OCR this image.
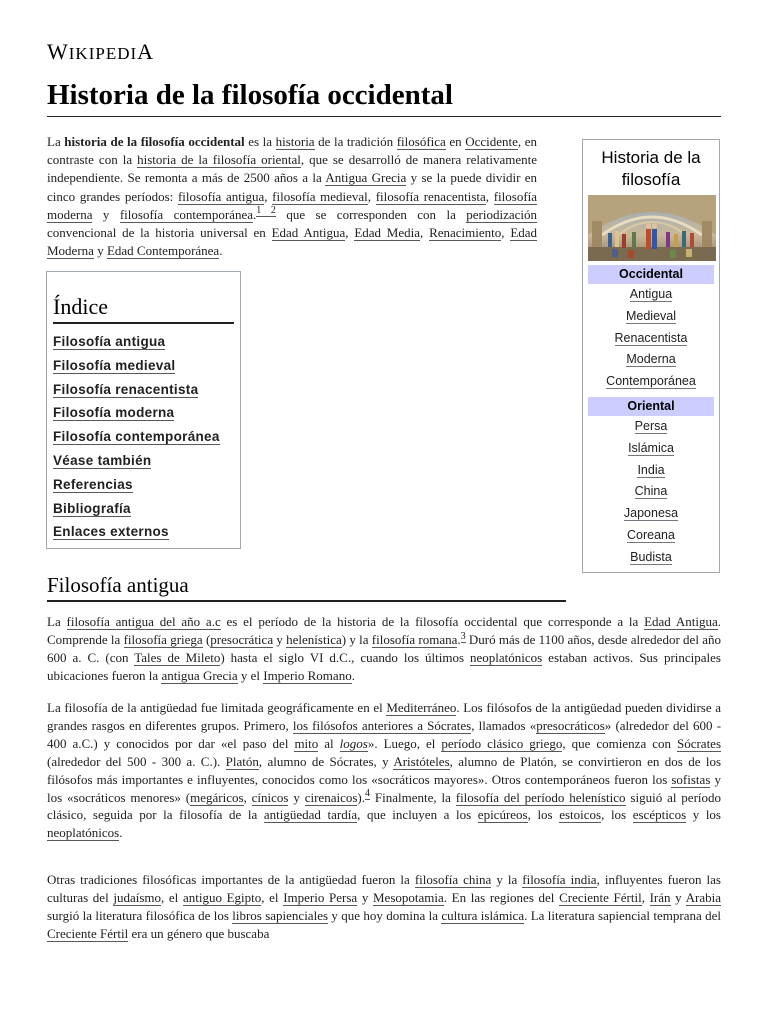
WIKIPEDIA
Historia de la filosofía occidental
La historia de la filosofía occidental es la historia de la tradición filosófica en Occidente, en contraste con la historia de la filosofía oriental, que se desarrolló de manera relativamente independiente. Se remonta a más de 2500 años a la Antigua Grecia y se la puede dividir en cinco grandes períodos: filosofía antigua, filosofía medieval, filosofía renacentista, filosofía moderna y filosofía contemporánea.$^{1 2}$ que se corresponden con la periodización convencional de la historia universal en Edad Antigua, Edad Media, Renacimiento, Edad Moderna y Edad Contemporánea.
Historia de la filosofía
Occidental
Antigua
Medieval
Renacentista
Moderna
Contemporánea
Oriental
Persa
Islámica
India
China
Japonesa
Coreana
Budista
Índice
Filosofía antigua
Filosofía medieval
Filosofía renacentista
Filosofía moderna
Filosofía contemporánea
Véase también
Referencias
Bibliografía
Enlaces externos
Filosofía antigua

La filosofía antigua del año a.c es el período de la historia de la filosofía occidental que corresponde a la Edad Antigua. Comprende la filosofía griega (presocrática y helenística) y la filosofía romana.$^3$ Duró más de 1100 años, desde alrededor del año 600 a. C. (con Tales de Mileto) hasta el siglo VI d.C., cuando los últimos neoplatónicos estaban activos. Sus principales ubicaciones fueron la antigua Grecia y el Imperio Romano.

La filosofía de la antigüedad fue limitada geográficamente en el Mediterráneo. Los filósofos de la antigüedad pueden dividirse a grandes rasgos en diferentes grupos. Primero, los filósofos anteriores a Sócrates, llamados «presocráticos» (alrededor del 600 - 400 a.C.) y conocidos por dar «el paso del mito al logos». Luego, el período clásico griego, que comienza con Sócrates (alrededor del 500 - 300 a. C.). Platón, alumno de Sócrates, y Aristóteles, alumno de Platón, se convirtieron en dos de los filósofos más importantes e influyentes, conocidos como los «socráticos mayores». Otros contemporáneos fueron los sofistas y los «socráticos menores» (megáricos, cínicos y cirenaicos).$^4$ Finalmente, la filosofía del período helenístico siguió al período clásico, seguida por la filosofía de la antigüedad tardía, que incluyen a los epicúreos, los estoicos, los escépticos y los neoplatónicos.

Otras tradiciones filosóficas importantes de la antigüedad fueron la filosofía china y la filosofía india, influyentes fueron las culturas del judaísmo, el antiguo Egipto, el Imperio Persa y Mesopotamia. En las regiones del Creciente Fértil, Irán y Arabia surgió la literatura filosófica de los libros sapienciales y que hoy domina la cultura islámica. La literatura sapiencial temprana del Creciente Fértil era un género que buscaba
